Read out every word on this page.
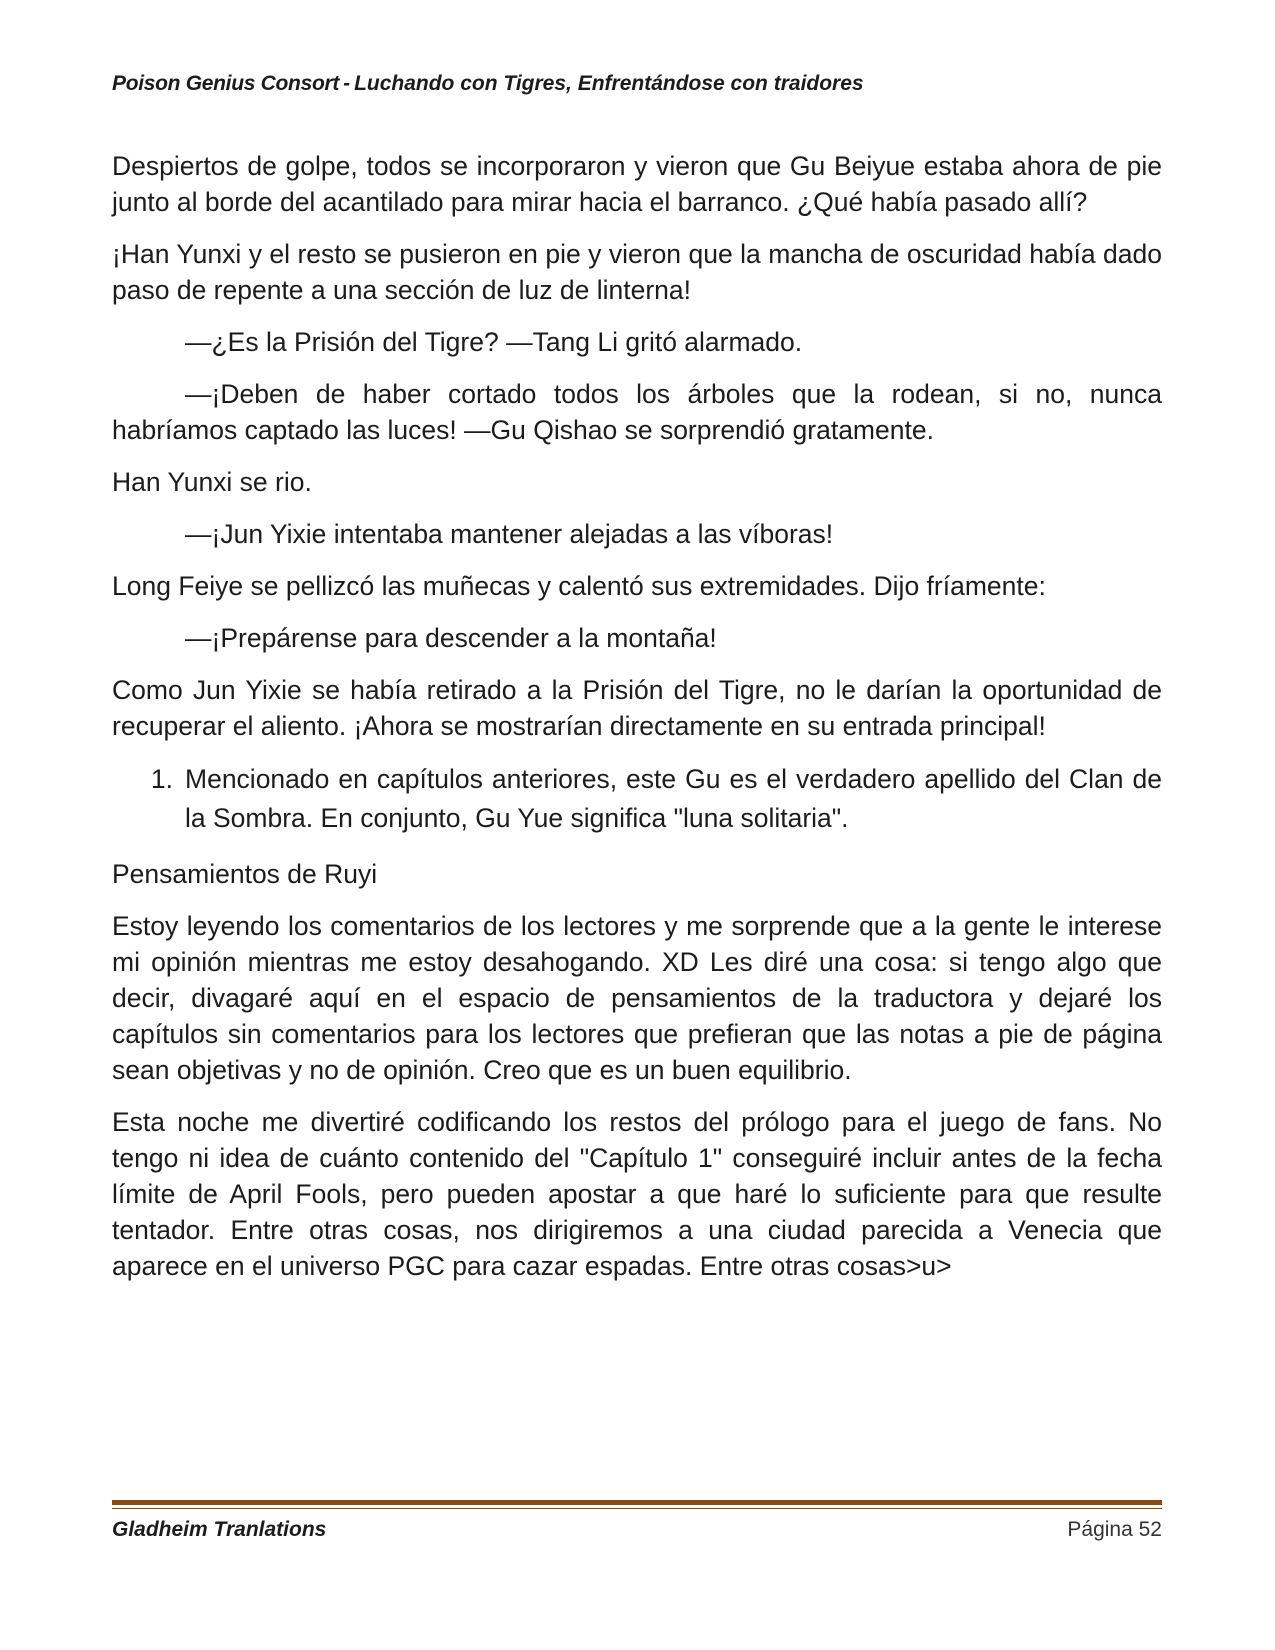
Poison Genius Consort - Luchando con Tigres, Enfrentándose con traidores

Despiertos de golpe, todos se incorporaron y vieron que Gu Beiyue estaba ahora de pie junto al borde del acantilado para mirar hacia el barranco. ¿Qué había pasado allí?

¡Han Yunxi y el resto se pusieron en pie y vieron que la mancha de oscuridad había dado paso de repente a una sección de luz de linterna!

—¿Es la Prisión del Tigre? —Tang Li gritó alarmado.

—¡Deben de haber cortado todos los árboles que la rodean, si no, nunca habríamos captado las luces! —Gu Qishao se sorprendió gratamente.

Han Yunxi se rio.

—¡Jun Yixie intentaba mantener alejadas a las víboras!

Long Feiye se pellizcó las muñecas y calentó sus extremidades. Dijo fríamente:

—¡Prepárense para descender a la montaña!

Como Jun Yixie se había retirado a la Prisión del Tigre, no le darían la oportunidad de recuperar el aliento. ¡Ahora se mostrarían directamente en su entrada principal!

1. Mencionado en capítulos anteriores, este Gu es el verdadero apellido del Clan de la Sombra. En conjunto, Gu Yue significa "luna solitaria".

Pensamientos de Ruyi

Estoy leyendo los comentarios de los lectores y me sorprende que a la gente le interese mi opinión mientras me estoy desahogando. XD Les diré una cosa: si tengo algo que decir, divagaré aquí en el espacio de pensamientos de la traductora y dejaré los capítulos sin comentarios para los lectores que prefieran que las notas a pie de página sean objetivas y no de opinión. Creo que es un buen equilibrio.

Esta noche me divertiré codificando los restos del prólogo para el juego de fans. No tengo ni idea de cuánto contenido del "Capítulo 1" conseguiré incluir antes de la fecha límite de April Fools, pero pueden apostar a que haré lo suficiente para que resulte tentador. Entre otras cosas, nos dirigiremos a una ciudad parecida a Venecia que aparece en el universo PGC para cazar espadas. Entre otras cosas>u>

Gladheim Tranlations	Página 52
